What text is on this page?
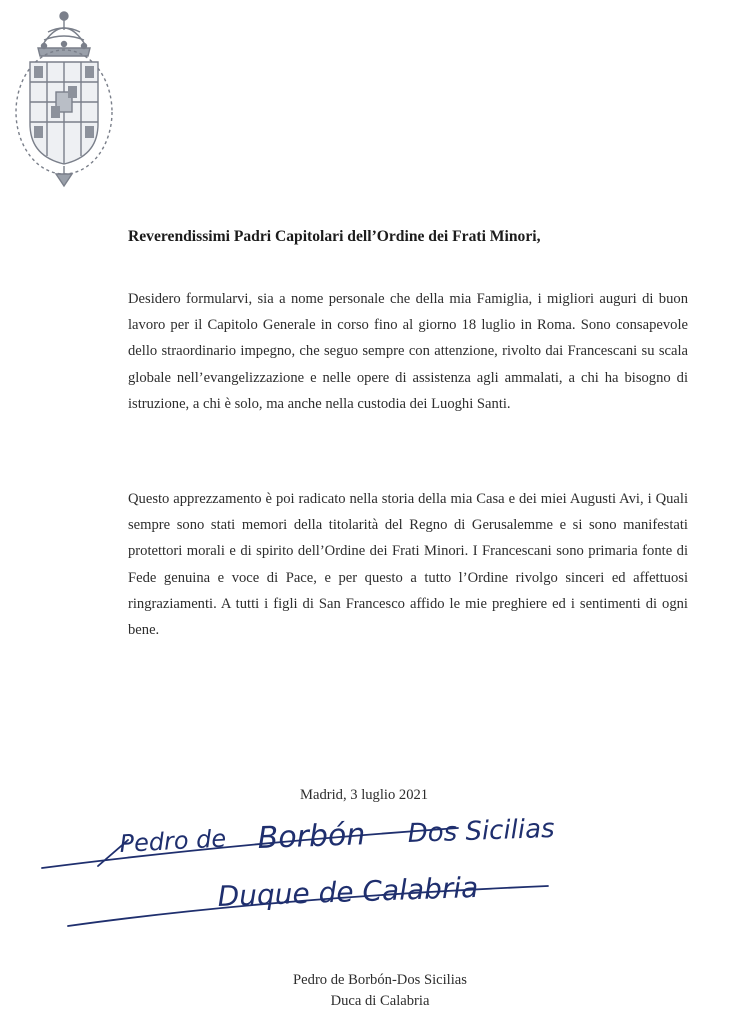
Reverendissimi Padri Capitolari dell’Ordine dei Frati Minori,

Desidero formularvi, sia a nome personale che della mia Famiglia, i migliori auguri di buon lavoro per il Capitolo Generale in corso fino al giorno 18 luglio in Roma. Sono consapevole dello straordinario impegno, che seguo sempre con attenzione, rivolto dai Francescani su scala globale nell’evangelizzazione e nelle opere di assistenza agli ammalati, a chi ha bisogno di istruzione, a chi è solo, ma anche nella custodia dei Luoghi Santi.

Questo apprezzamento è poi radicato nella storia della mia Casa e dei miei Augusti Avi, i Quali sempre sono stati memori della titolarità del Regno di Gerusalemme e si sono manifestati protettori morali e di spirito dell’Ordine dei Frati Minori. I Francescani sono primaria fonte di Fede genuina e voce di Pace, e per questo a tutto l’Ordine rivolgo sinceri ed affettuosi ringraziamenti. A tutti i figli di San Francesco affido le mie preghiere ed i sentimenti di ogni bene.

Madrid, 3 luglio 2021
Pedro de Borbón Dos Sicilias
Duque de Calabria
Pedro de Borbón-Dos Sicilias
Duca di Calabria
